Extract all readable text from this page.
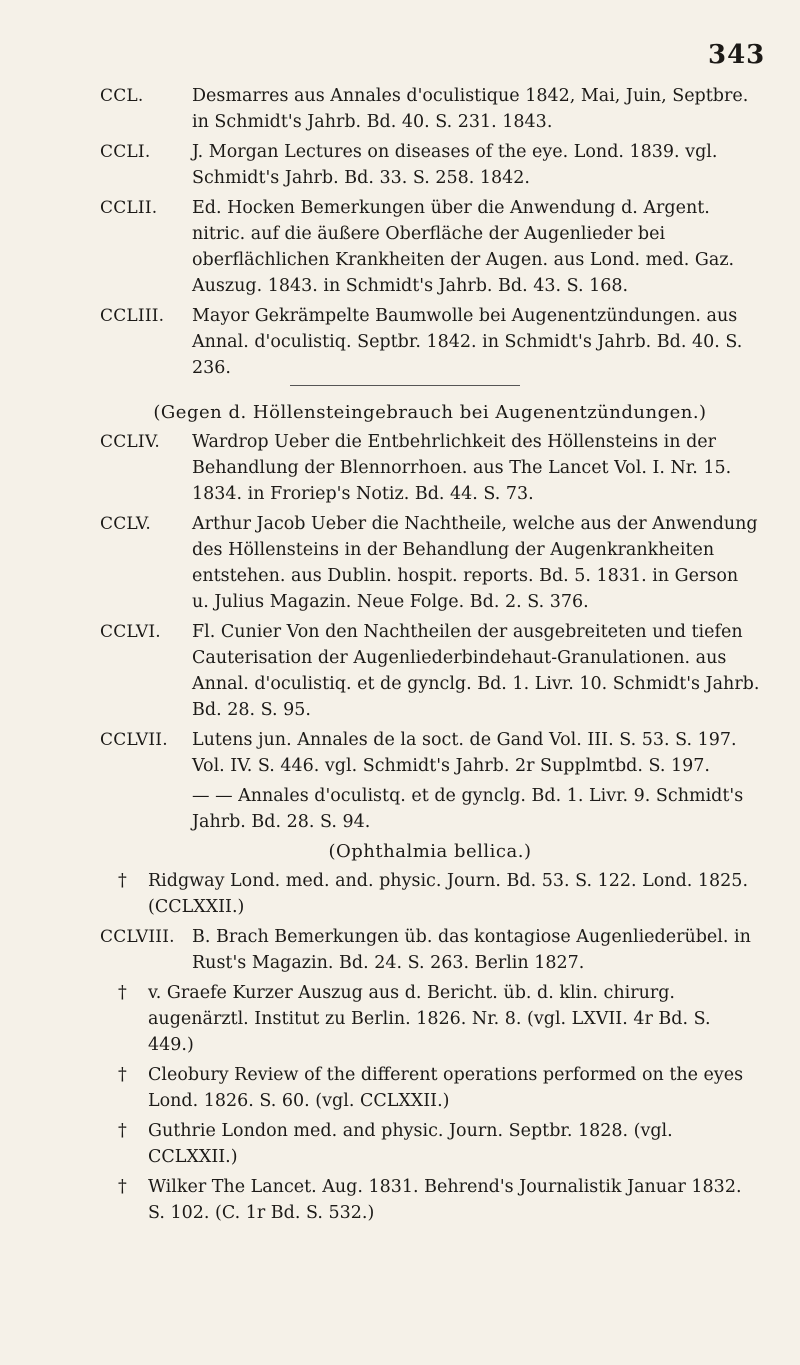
343
CCL.	Desmarres aus Annales d'oculistique 1842, Mai, Juin, Septbre. in Schmidt's Jahrb. Bd. 40. S. 231. 1843.
CCLI. J. Morgan Lectures on diseases of the eye. Lond. 1839. vgl. Schmidt's Jahrb. Bd. 33. S. 258. 1842.
CCLII. Ed. Hocken Bemerkungen über die Anwendung d. Argent. nitric. auf die äußere Oberfläche der Augenlieder bei oberflächlichen Krankheiten der Augen. aus Lond. med. Gaz. Auszug. 1843. in Schmidt's Jahrb. Bd. 43. S. 168.
CCLIII. Mayor Gekrämpelte Baumwolle bei Augenentzündungen. aus Annal. d'oculistiq. Septbr. 1842. in Schmidt's Jahrb. Bd. 40. S. 236.
(Gegen d. Höllensteingebrauch bei Augenentzündungen.)
CCLIV. Wardrop Ueber die Entbehrlichkeit des Höllensteins in der Behandlung der Blennorrhoen. aus The Lancet Vol. I. Nr. 15. 1834. in Froriep's Notiz. Bd. 44. S. 73.
CCLV. Arthur Jacob Ueber die Nachtheile, welche aus der Anwendung des Höllensteins in der Behandlung der Augenkrankheiten entstehen. aus Dublin. hospit. reports. Bd. 5. 1831. in Gerson u. Julius Magazin. Neue Folge. Bd. 2. S. 376.
CCLVI. Fl. Cunier Von den Nachtheilen der ausgebreiteten und tiefen Cauterisation der Augenliederbindehaut-Granulationen. aus Annal. d'oculistiq. et de gynclg. Bd. 1. Livr. 10. Schmidt's Jahrb. Bd. 28. S. 95.
CCLVII. Lutens jun. Annales de la soct. de Gand Vol. III. S. 53. S. 197. Vol. IV. S. 446. vgl. Schmidt's Jahrb. 2r Supplmtbd. S. 197.
— — Annales d'oculistq. et de gynclg. Bd. 1. Livr. 9. Schmidt's Jahrb. Bd. 28. S. 94.
(Ophthalmia bellica.)
† Ridgway Lond. med. and. physic. Journ. Bd. 53. S. 122. Lond. 1825. (CCLXXII.)
CCLVIII. B. Brach Bemerkungen üb. das kontagiose Augenliederübel. in Rust's Magazin. Bd. 24. S. 263. Berlin 1827.
† v. Graefe Kurzer Auszug aus d. Bericht. üb. d. klin. chirurg. augenärztl. Institut zu Berlin. 1826. Nr. 8. (vgl. LXVII. 4r Bd. S. 449.)
† Cleobury Review of the different operations performed on the eyes Lond. 1826. S. 60. (vgl. CCLXXII.)
† Guthrie London med. and physic. Journ. Septbr. 1828. (vgl. CCLXXII.)
† Wilker The Lancet. Aug. 1831. Behrend's Journalistik Januar 1832. S. 102. (C. 1r Bd. S. 532.)
